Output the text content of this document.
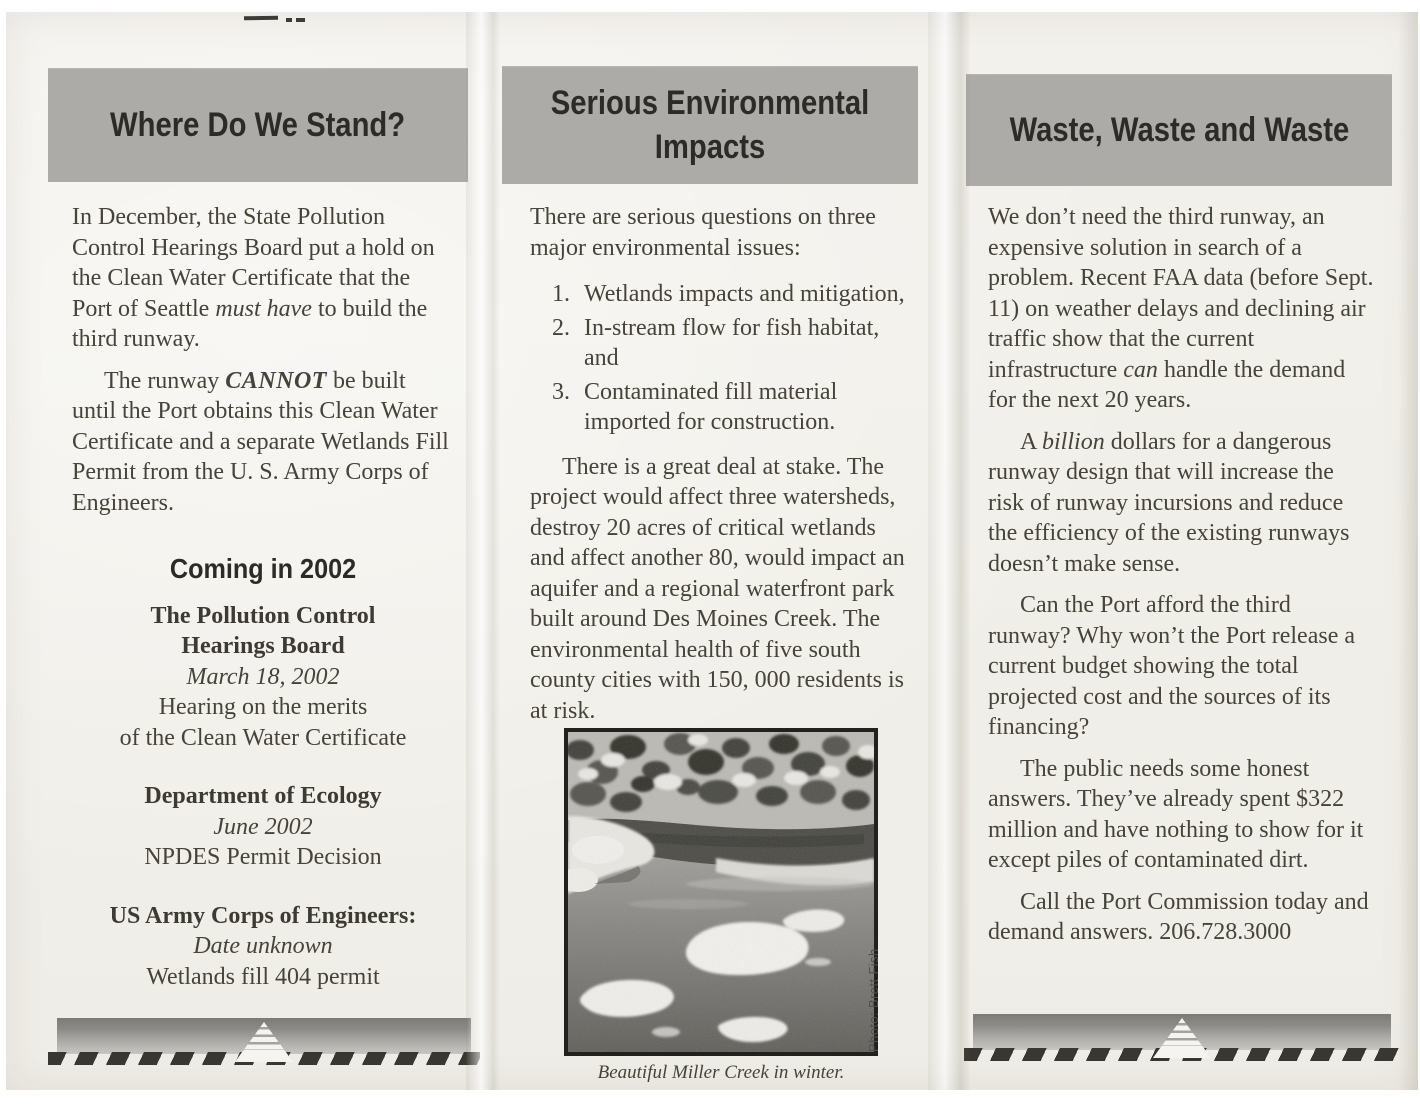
Where Do We Stand?

In December, the State Pollution Control Hearings Board put a hold on the Clean Water Certificate that the Port of Seattle must have to build the third runway.

The runway CANNOT be built until the Port obtains this Clean Water Certificate and a separate Wetlands Fill Permit from the U. S. Army Corps of Engineers.

Coming in 2002
The Pollution Control
Hearings Board
March 18, 2002
Hearing on the merits
of the Clean Water Certificate
Department of Ecology
June 2002
NPDES Permit Decision
US Army Corps of Engineers:
Date unknown
Wetlands fill 404 permit
Serious Environmental Impacts

There are serious questions on three major environmental issues:

1. Wetlands impacts and mitigation,
2. In-stream flow for fish habitat, and
3. Contaminated fill material imported for construction.

There is a great deal at stake. The project would affect three watersheds, destroy 20 acres of critical wetlands and affect another 80, would impact an aquifer and a regional waterfront park built around Des Moines Creek. The environmental health of five south county cities with 150, 000 residents is at risk.

Photo: Brett Fish
Beautiful Miller Creek in winter.
Waste, Waste and Waste

We don’t need the third runway, an expensive solution in search of a problem. Recent FAA data (before Sept. 11) on weather delays and declining air traffic show that the current infrastructure can handle the demand for the next 20 years.

A billion dollars for a dangerous runway design that will increase the risk of runway incursions and reduce the efficiency of the existing runways doesn’t make sense.

Can the Port afford the third runway? Why won’t the Port release a current budget showing the total projected cost and the sources of its financing?

The public needs some honest answers. They’ve already spent $322 million and have nothing to show for it except piles of contaminated dirt.

Call the Port Commission today and demand answers. 206.728.3000
